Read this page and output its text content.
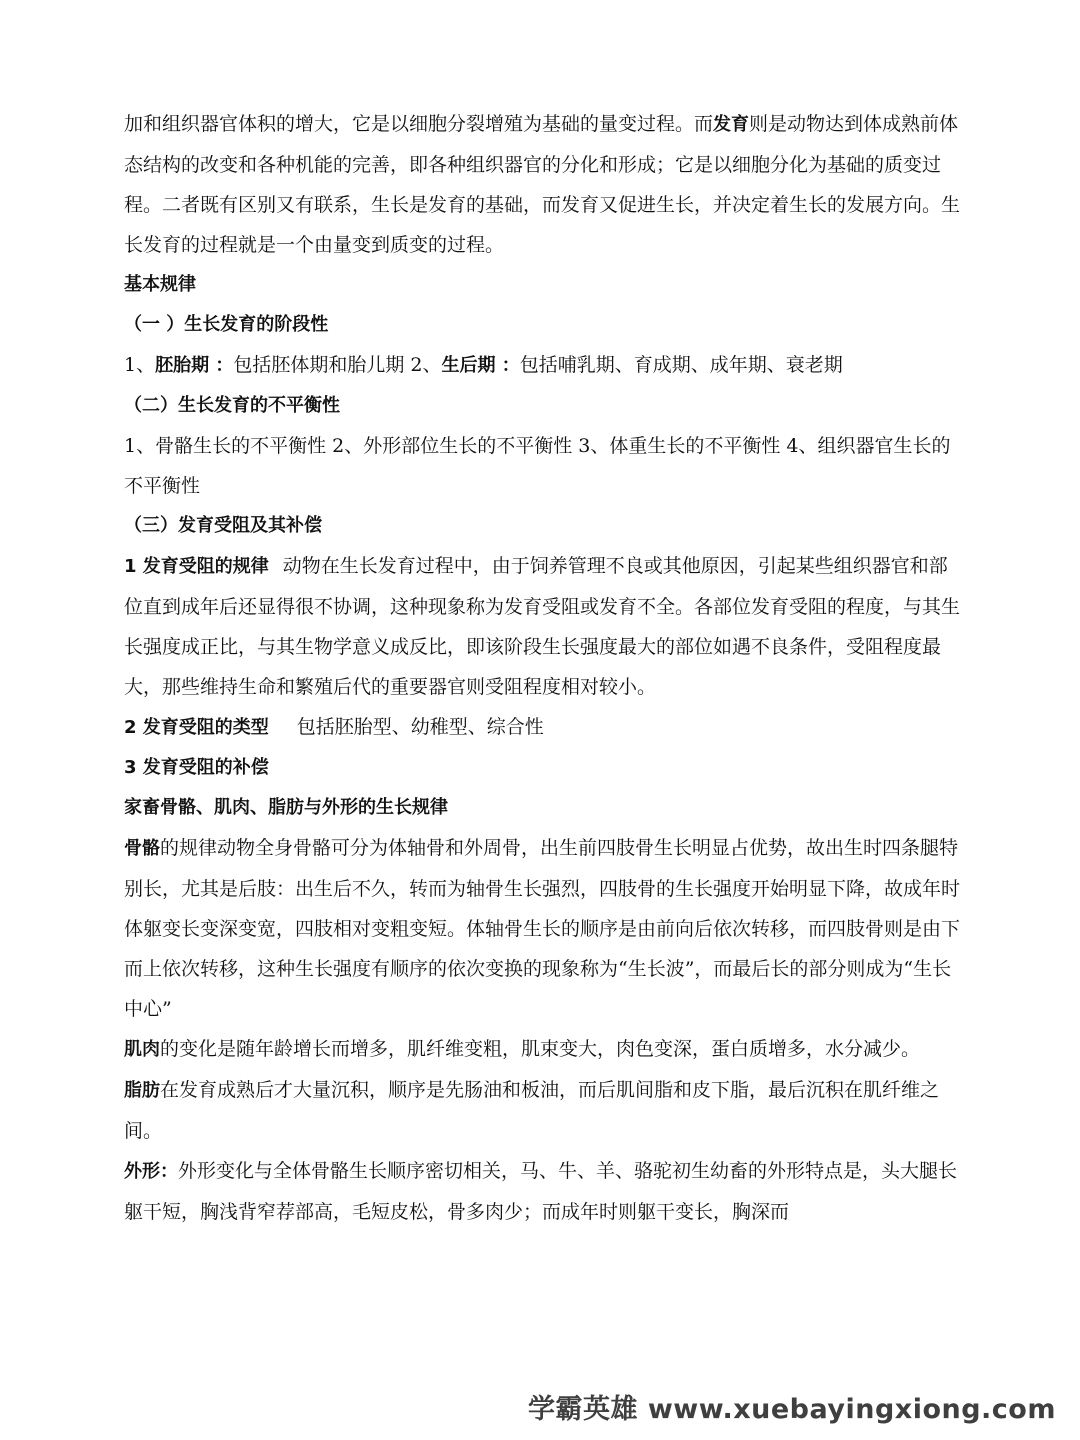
加和组织器官体积的增大，它是以细胞分裂增殖为基础的量变过程。而发育则是动物达到体成熟前体态结构的改变和各种机能的完善，即各种组织器官的分化和形成；它是以细胞分化为基础的质变过程。二者既有区别又有联系，生长是发育的基础，而发育又促进生长，并决定着生长的发展方向。生长发育的过程就是一个由量变到质变的过程。

基本规律

（一 ）生长发育的阶段性

1、胚胎期 ：包括胚体期和胎儿期 2、生后期 ：包括哺乳期、育成期、成年期、衰老期

（二）生长发育的不平衡性

1、骨骼生长的不平衡性 2、外形部位生长的不平衡性 3、体重生长的不平衡性 4、组织器官生长的不平衡性

（三）发育受阻及其补偿

1 发育受阻的规律 动物在生长发育过程中，由于饲养管理不良或其他原因，引起某些组织器官和部位直到成年后还显得很不协调，这种现象称为发育受阻或发育不全。各部位发育受阻的程度，与其生长强度成正比，与其生物学意义成反比，即该阶段生长强度最大的部位如遇不良条件，受阻程度最大，那些维持生命和繁殖后代的重要器官则受阻程度相对较小。

2 发育受阻的类型 包括胚胎型、幼稚型、综合性

3 发育受阻的补偿

家畜骨骼、肌肉、脂肪与外形的生长规律

骨骼的规律动物全身骨骼可分为体轴骨和外周骨，出生前四肢骨生长明显占优势，故出生时四条腿特别长，尤其是后肢：出生后不久，转而为轴骨生长强烈，四肢骨的生长强度开始明显下降，故成年时体躯变长变深变宽，四肢相对变粗变短。体轴骨生长的顺序是由前向后依次转移，而四肢骨则是由下而上依次转移，这种生长强度有顺序的依次变换的现象称为“生长波”，而最后长的部分则成为“生长中心”

肌肉的变化是随年龄增长而增多，肌纤维变粗，肌束变大，肉色变深，蛋白质增多，水分减少。

脂肪在发育成熟后才大量沉积，顺序是先肠油和板油，而后肌间脂和皮下脂，最后沉积在肌纤维之间。

外形：外形变化与全体骨骼生长顺序密切相关，马、牛、羊、骆驼初生幼畜的外形特点是，头大腿长躯干短，胸浅背窄荐部高，毛短皮松，骨多肉少；而成年时则躯干变长，胸深而

学霸英雄 www.xuebayingxiong.com
